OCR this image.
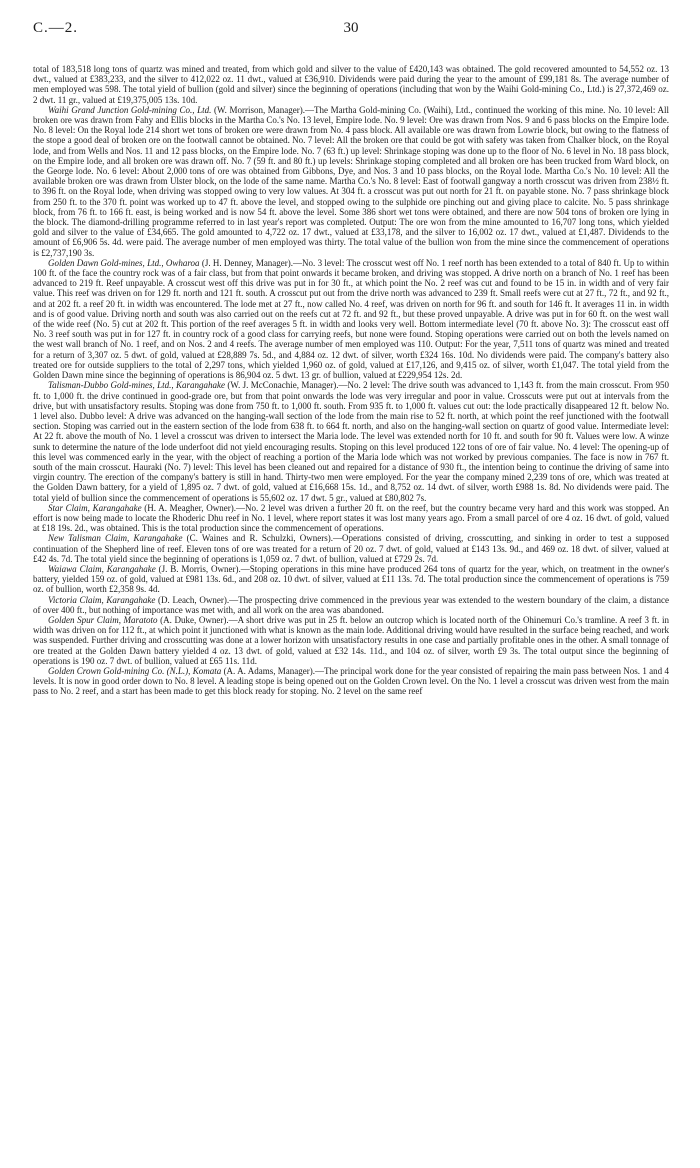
C.—2.	30

total of 183,518 long tons of quartz was mined and treated, from which gold and silver to the value of £420,143 was obtained. The gold recovered amounted to 54,552 oz. 13 dwt., valued at £383,233, and the silver to 412,022 oz. 11 dwt., valued at £36,910. Dividends were paid during the year to the amount of £99,181 8s. The average number of men employed was 598. The total yield of bullion (gold and silver) since the beginning of operations (including that won by the Waihi Gold-mining Co., Ltd.) is 27,372,469 oz. 2 dwt. 11 gr., valued at £19,375,005 13s. 10d.

Waihi Grand Junction Gold-mining Co., Ltd. (W. Morrison, Manager).—The Martha Gold-mining Co. (Waihi), Ltd., continued the working of this mine. No. 10 level: All broken ore was drawn from Fahy and Ellis blocks in the Martha Co.'s No. 13 level, Empire lode. No. 9 level: Ore was drawn from Nos. 9 and 6 pass blocks on the Empire lode. No. 8 level: On the Royal lode 214 short wet tons of broken ore were drawn from No. 4 pass block. All available ore was drawn from Lowrie block, but owing to the flatness of the stope a good deal of broken ore on the footwall cannot be obtained. No. 7 level: All the broken ore that could be got with safety was taken from Chalker block, on the Royal lode, and from Wells and Nos. 11 and 12 pass blocks, on the Empire lode. No. 7 (63 ft.) up level: Shrinkage stoping was done up to the floor of No. 6 level in No. 18 pass block, on the Empire lode, and all broken ore was drawn off. No. 7 (59 ft. and 80 ft.) up levels: Shrinkage stoping completed and all broken ore has been trucked from Ward block, on the George lode. No. 6 level: About 2,000 tons of ore was obtained from Gibbons, Dye, and Nos. 3 and 10 pass blocks, on the Royal lode. Martha Co.'s No. 10 level: All the available broken ore was drawn from Ulster block, on the lode of the same name. Martha Co.'s No. 8 level: East of footwall gangway a north crosscut was driven from 238½ ft. to 396 ft. on the Royal lode, when driving was stopped owing to very low values. At 304 ft. a crosscut was put out north for 21 ft. on payable stone. No. 7 pass shrinkage block from 250 ft. to the 370 ft. point was worked up to 47 ft. above the level, and stopped owing to the sulphide ore pinching out and giving place to calcite. No. 5 pass shrinkage block, from 76 ft. to 166 ft. east, is being worked and is now 54 ft. above the level. Some 386 short wet tons were obtained, and there are now 504 tons of broken ore lying in the block. The diamond-drilling programme referred to in last year's report was completed. Output: The ore won from the mine amounted to 16,707 long tons, which yielded gold and silver to the value of £34,665. The gold amounted to 4,722 oz. 17 dwt., valued at £33,178, and the silver to 16,002 oz. 17 dwt., valued at £1,487. Dividends to the amount of £6,906 5s. 4d. were paid. The average number of men employed was thirty. The total value of the bullion won from the mine since the commencement of operations is £2,737,190 3s.

Golden Dawn Gold-mines, Ltd., Owharoa (J. H. Denney, Manager).—No. 3 level: The crosscut west off No. 1 reef north has been extended to a total of 840 ft. Up to within 100 ft. of the face the country rock was of a fair class, but from that point onwards it became broken, and driving was stopped. A drive north on a branch of No. 1 reef has been advanced to 219 ft. Reef unpayable. A crosscut west off this drive was put in for 30 ft., at which point the No. 2 reef was cut and found to be 15 in. in width and of very fair value. This reef was driven on for 129 ft. north and 121 ft. south. A crosscut put out from the drive north was advanced to 239 ft. Small reefs were cut at 27 ft., 72 ft., and 92 ft., and at 202 ft. a reef 20 ft. in width was encountered. The lode met at 27 ft., now called No. 4 reef, was driven on north for 96 ft. and south for 146 ft. It averages 11 in. in width and is of good value. Driving north and south was also carried out on the reefs cut at 72 ft. and 92 ft., but these proved unpayable. A drive was put in for 60 ft. on the west wall of the wide reef (No. 5) cut at 202 ft. This portion of the reef averages 5 ft. in width and looks very well. Bottom intermediate level (70 ft. above No. 3): The crosscut east off No. 3 reef south was put in for 127 ft. in country rock of a good class for carrying reefs, but none were found. Stoping operations were carried out on both the levels named on the west wall branch of No. 1 reef, and on Nos. 2 and 4 reefs. The average number of men employed was 110. Output: For the year, 7,511 tons of quartz was mined and treated for a return of 3,307 oz. 5 dwt. of gold, valued at £28,889 7s. 5d., and 4,884 oz. 12 dwt. of silver, worth £324 16s. 10d. No dividends were paid. The company's battery also treated ore for outside suppliers to the total of 2,297 tons, which yielded 1,960 oz. of gold, valued at £17,126, and 9,415 oz. of silver, worth £1,047. The total yield from the Golden Dawn mine since the beginning of operations is 86,904 oz. 5 dwt. 13 gr. of bullion, valued at £229,954 12s. 2d.

Talisman-Dubbo Gold-mines, Ltd., Karangahake (W. J. McConachie, Manager).—No. 2 level: The drive south was advanced to 1,143 ft. from the main crosscut. From 950 ft. to 1,000 ft. the drive continued in good-grade ore, but from that point onwards the lode was very irregular and poor in value. Crosscuts were put out at intervals from the drive, but with unsatisfactory results. Stoping was done from 750 ft. to 1,000 ft. south. From 935 ft. to 1,000 ft. values cut out: the lode practically disappeared 12 ft. below No. 1 level also. Dubbo level: A drive was advanced on the hanging-wall section of the lode from the main rise to 52 ft. north, at which point the reef junctioned with the footwall section. Stoping was carried out in the eastern section of the lode from 638 ft. to 664 ft. north, and also on the hanging-wall section on quartz of good value. Intermediate level: At 22 ft. above the mouth of No. 1 level a crosscut was driven to intersect the Maria lode. The level was extended north for 10 ft. and south for 90 ft. Values were low. A winze sunk to determine the nature of the lode underfoot did not yield encouraging results. Stoping on this level produced 122 tons of ore of fair value. No. 4 level: The opening-up of this level was commenced early in the year, with the object of reaching a portion of the Maria lode which was not worked by previous companies. The face is now in 767 ft. south of the main crosscut. Hauraki (No. 7) level: This level has been cleaned out and repaired for a distance of 930 ft., the intention being to continue the driving of same into virgin country. The erection of the company's battery is still in hand. Thirty-two men were employed. For the year the company mined 2,239 tons of ore, which was treated at the Golden Dawn battery, for a yield of 1,895 oz. 7 dwt. of gold, valued at £16,668 15s. 1d., and 8,752 oz. 14 dwt. of silver, worth £988 1s. 8d. No dividends were paid. The total yield of bullion since the commencement of operations is 55,602 oz. 17 dwt. 5 gr., valued at £80,802 7s.

Star Claim, Karangahake (H. A. Meagher, Owner).—No. 2 level was driven a further 20 ft. on the reef, but the country became very hard and this work was stopped. An effort is now being made to locate the Rhoderic Dhu reef in No. 1 level, where report states it was lost many years ago. From a small parcel of ore 4 oz. 16 dwt. of gold, valued at £18 19s. 2d., was obtained. This is the total production since the commencement of operations.

New Talisman Claim, Karangahake (C. Waines and R. Schulzki, Owners).—Operations consisted of driving, crosscutting, and sinking in order to test a supposed continuation of the Shepherd line of reef. Eleven tons of ore was treated for a return of 20 oz. 7 dwt. of gold, valued at £143 13s. 9d., and 469 oz. 18 dwt. of silver, valued at £42 4s. 7d. The total yield since the beginning of operations is 1,059 oz. 7 dwt. of bullion, valued at £729 2s. 7d.

Waiawa Claim, Karangahake (J. B. Morris, Owner).—Stoping operations in this mine have produced 264 tons of quartz for the year, which, on treatment in the owner's battery, yielded 159 oz. of gold, valued at £981 13s. 6d., and 208 oz. 10 dwt. of silver, valued at £11 13s. 7d. The total production since the commencement of operations is 759 oz. of bullion, worth £2,358 9s. 4d.

Victoria Claim, Karangahake (D. Leach, Owner).—The prospecting drive commenced in the previous year was extended to the western boundary of the claim, a distance of over 400 ft., but nothing of importance was met with, and all work on the area was abandoned.

Golden Spur Claim, Maratoto (A. Duke, Owner).—A short drive was put in 25 ft. below an outcrop which is located north of the Ohinemuri Co.'s tramline. A reef 3 ft. in width was driven on for 112 ft., at which point it junctioned with what is known as the main lode. Additional driving would have resulted in the surface being reached, and work was suspended. Further driving and crosscutting was done at a lower horizon with unsatisfactory results in one case and partially profitable ones in the other. A small tonnage of ore treated at the Golden Dawn battery yielded 4 oz. 13 dwt. of gold, valued at £32 14s. 11d., and 104 oz. of silver, worth £9 3s. The total output since the beginning of operations is 190 oz. 7 dwt. of bullion, valued at £65 11s. 11d.

Golden Crown Gold-mining Co. (N.L.), Komata (A. A. Adams, Manager).—The principal work done for the year consisted of repairing the main pass between Nos. 1 and 4 levels. It is now in good order down to No. 8 level. A leading stope is being opened out on the Golden Crown level. On the No. 1 level a crosscut was driven west from the main pass to No. 2 reef, and a start has been made to get this block ready for stoping. No. 2 level on the same reef
